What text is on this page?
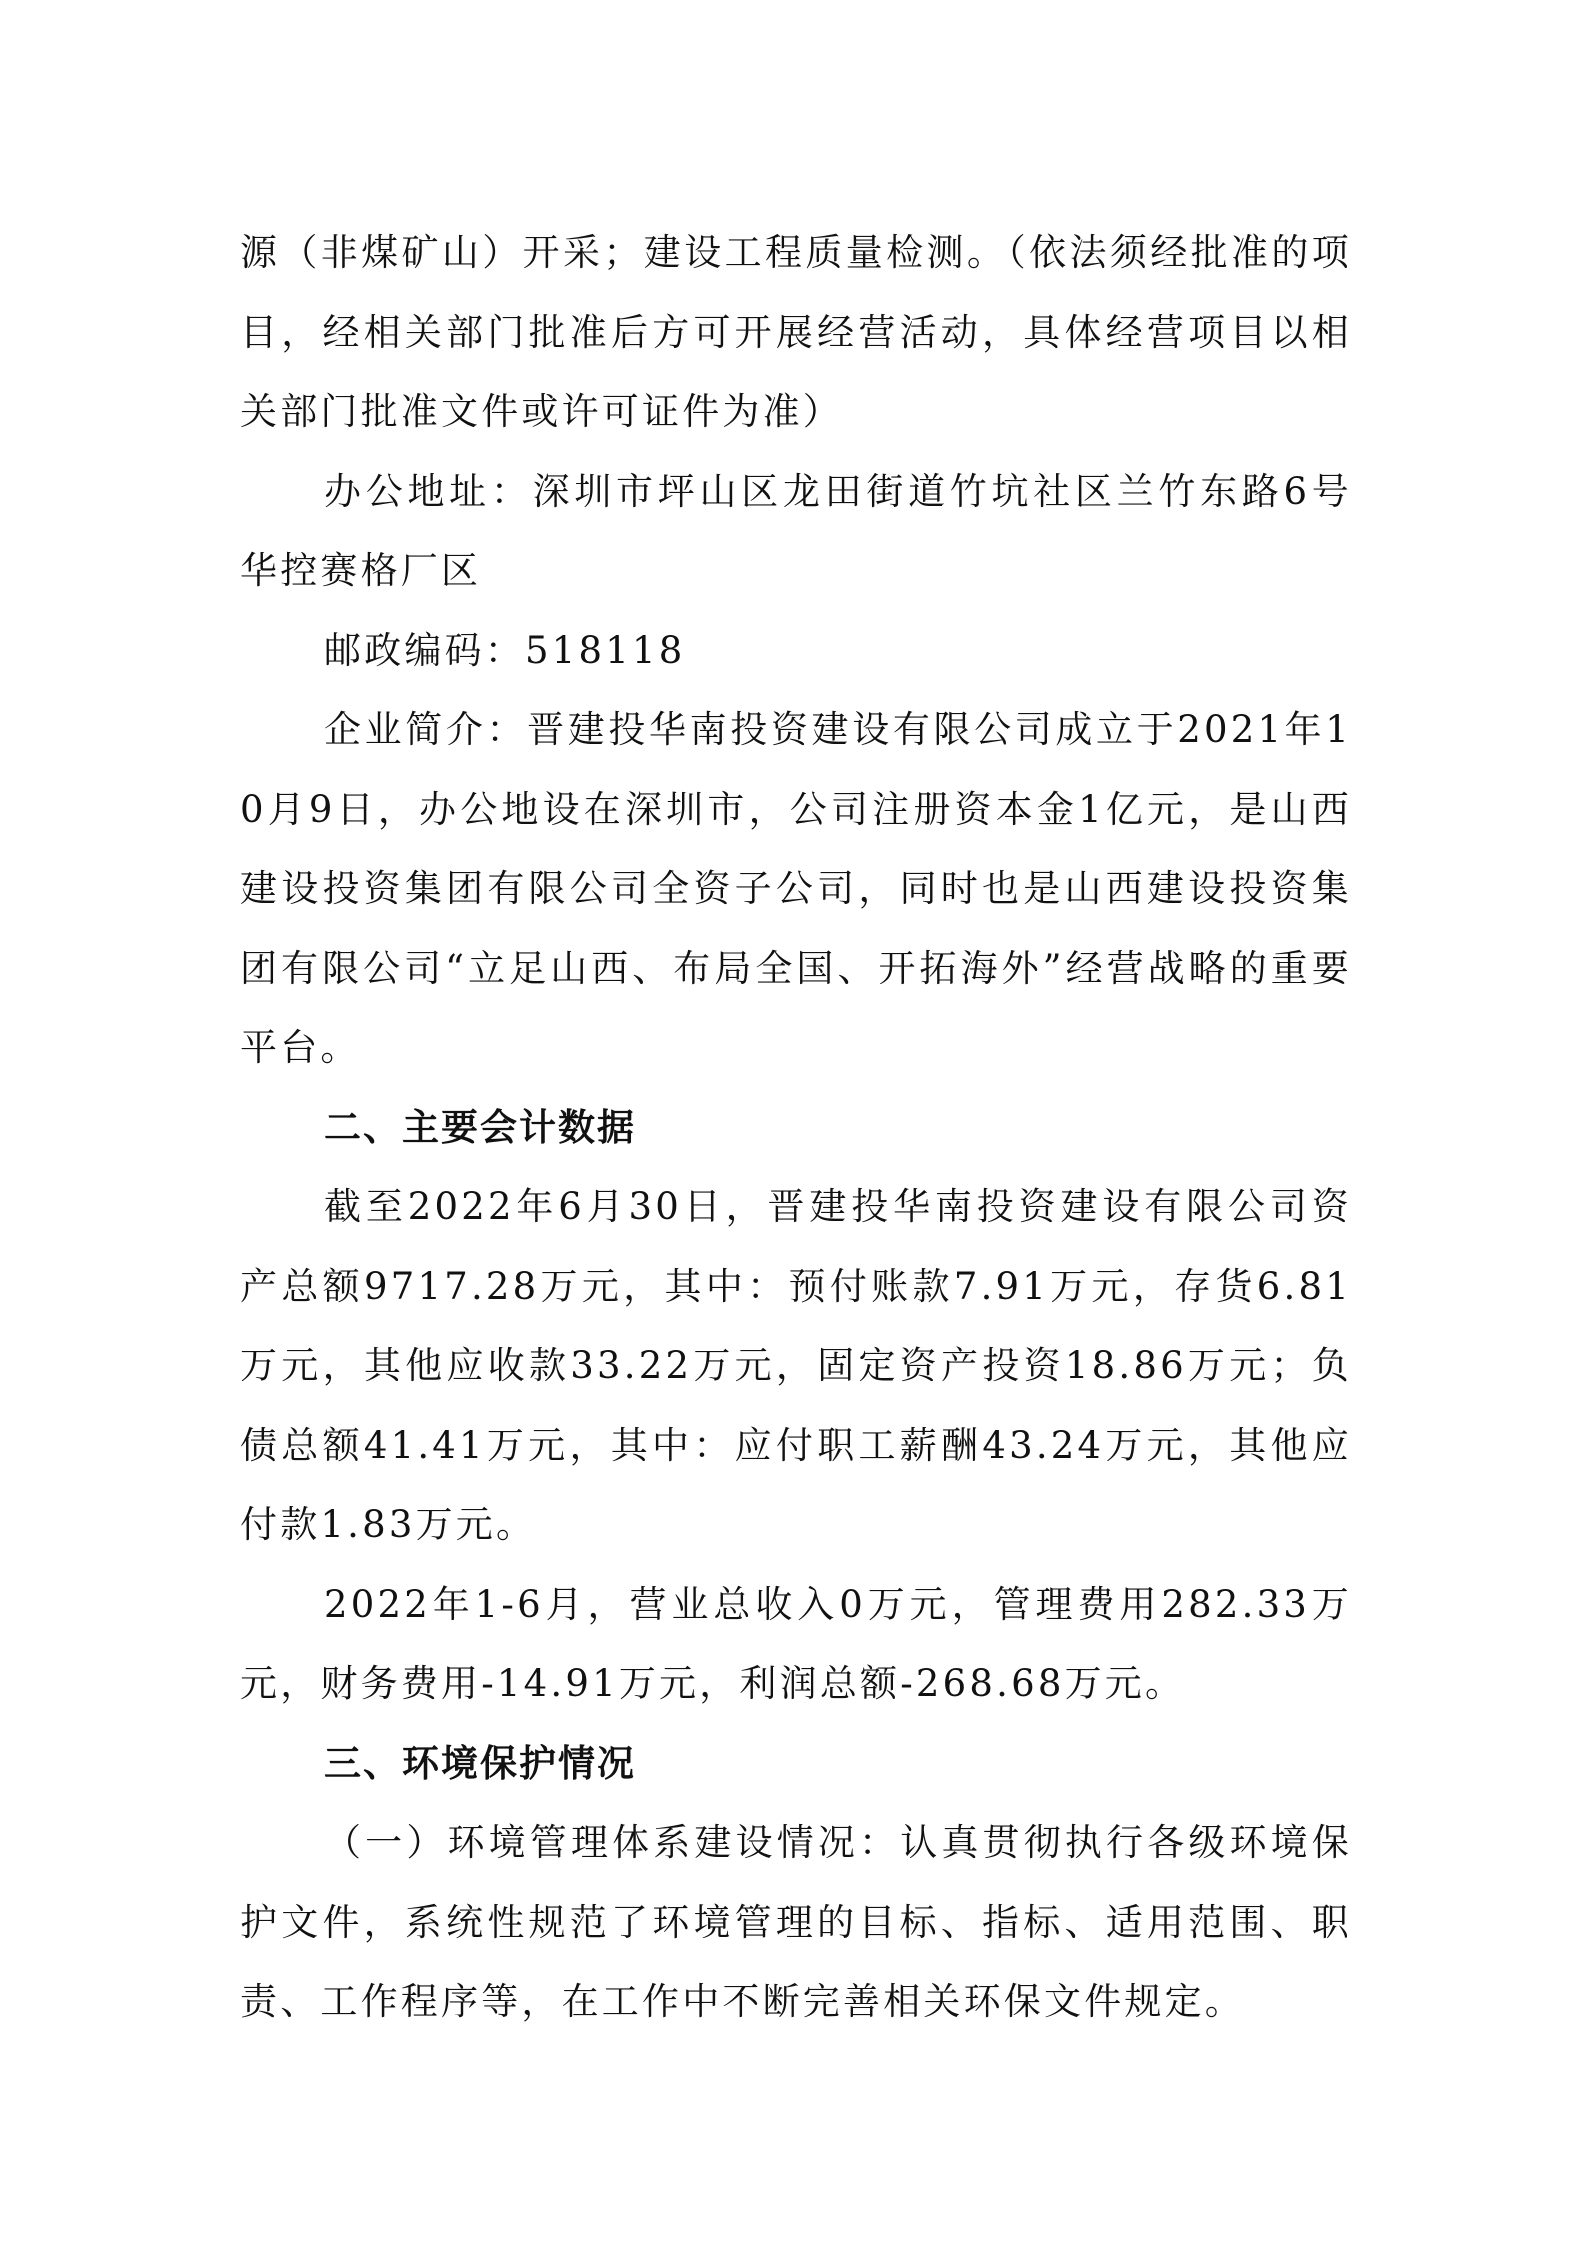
源（非煤矿山）开采；建设工程质量检测。（依法须经批准的项目，经相关部门批准后方可开展经营活动，具体经营项目以相关部门批准文件或许可证件为准）

办公地址：深圳市坪山区龙田街道竹坑社区兰竹东路6号华控赛格厂区

邮政编码：518118

企业简介：晋建投华南投资建设有限公司成立于2021年10月9日，办公地设在深圳市，公司注册资本金1亿元，是山西建设投资集团有限公司全资子公司，同时也是山西建设投资集团有限公司“立足山西、布局全国、开拓海外”经营战略的重要平台。

二、主要会计数据

截至2022年6月30日，晋建投华南投资建设有限公司资产总额9717.28万元，其中：预付账款7.91万元，存货6.81万元，其他应收款33.22万元，固定资产投资18.86万元；负债总额41.41万元，其中：应付职工薪酬43.24万元，其他应付款1.83万元。

2022年1-6月，营业总收入0万元，管理费用282.33万元，财务费用-14.91万元，利润总额-268.68万元。

三、环境保护情况

（一）环境管理体系建设情况：认真贯彻执行各级环境保护文件，系统性规范了环境管理的目标、指标、适用范围、职责、工作程序等，在工作中不断完善相关环保文件规定。
